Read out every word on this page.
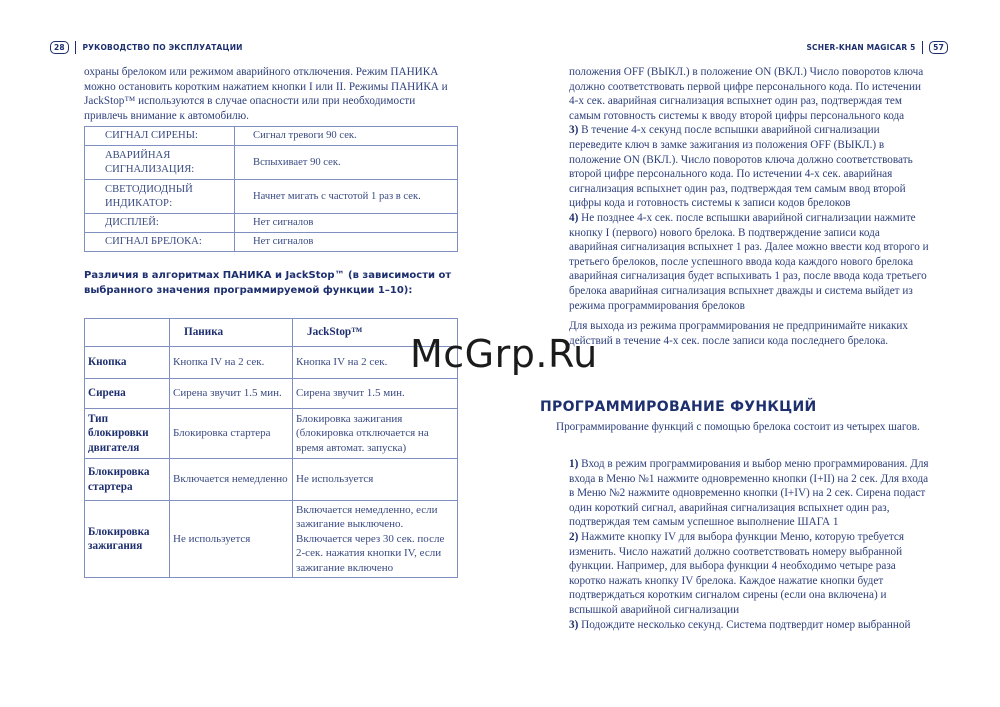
28	РУКОВОДСТВО ПО ЭКСПЛУАТАЦИИ	SCHER-KHAN MAGICAR 5	57

охраны брелоком или режимом аварийного отключения. Режим ПАНИКА можно остановить коротким нажатием кнопки I или II. Режимы ПАНИКА и JackStop™ используются в случае опасности или при необходимости привлечь внимание к автомобилю.

СИГНАЛ СИРЕНЫ:	Сигнал тревоги 90 сек.
АВАРИЙНАЯ СИГНАЛИЗАЦИЯ:	Вспыхивает 90 сек.
СВЕТОДИОДНЫЙ ИНДИКАТОР:	Начнет мигать с частотой 1 раз в сек.
ДИСПЛЕЙ:	Нет сигналов
СИГНАЛ БРЕЛОКА:	Нет сигналов
Различия в алгоритмах ПАНИКА и JackStop™ (в зависимости от выбранного значения программируемой функции 1–10):
	Паника	JackStop™
Кнопка	Кнопка IV на 2 сек.	Кнопка IV на 2 сек.
Сирена	Сирена звучит 1.5 мин.	Сирена звучит 1.5 мин.
Тип блокировки двигателя	Блокировка стартера	Блокировка зажигания (блокировка отключается на время автомат. запуска)
Блокировка стартера	Включается немедленно	Не используется
Блокировка зажигания	Не используется	Включается немедленно, если зажигание выключено. Включается через 30 сек. после 2-сек. нажатия кнопки IV, если зажигание включено

положения OFF (ВЫКЛ.) в положение ON (ВКЛ.) Число поворотов ключа должно соответствовать первой цифре персонального кода. По истечении 4-х сек. аварийная сигнализация вспыхнет один раз, подтверждая тем самым готовность системы к вводу второй цифры персонального кода

3) В течение 4-х секунд после вспышки аварийной сигнализации переведите ключ в замке зажигания из положения OFF (ВЫКЛ.) в положение ON (ВКЛ.). Число поворотов ключа должно соответствовать второй цифре персонального кода. По истечении 4-х сек. аварийная сигнализация вспыхнет один раз, подтверждая тем самым ввод второй цифры кода и готовность системы к записи кодов брелоков

4) Не позднее 4-х сек. после вспышки аварийной сигнализации нажмите кнопку I (первого) нового брелока. В подтверждение записи кода аварийная сигнализация вспыхнет 1 раз. Далее можно ввести код второго и третьего брелоков, после успешного ввода кода каждого нового брелока аварийная сигнализация будет вспыхивать 1 раз, после ввода кода третьего брелока аварийная сигнализация вспыхнет дважды и система выйдет из режима программирования брелоков

Для выхода из режима программирования не предпринимайте никаких действий в течение 4-х сек. после записи кода последнего брелока.

ПРОГРАММИРОВАНИЕ ФУНКЦИЙ

Программирование функций с помощью брелока состоит из четырех шагов.

1) Вход в режим программирования и выбор меню программирования. Для входа в Меню №1 нажмите одновременно кнопки (I+II) на 2 сек. Для входа в Меню №2 нажмите одновременно кнопки (I+IV) на 2 сек. Сирена подаст один короткий сигнал, аварийная сигнализация вспыхнет один раз, подтверждая тем самым успешное выполнение ШАГА 1

2) Нажмите кнопку IV для выбора функции Меню, которую требуется изменить. Число нажатий должно соответствовать номеру выбранной функции. Например, для выбора функции 4 необходимо четыре раза коротко нажать кнопку IV брелока. Каждое нажатие кнопки будет подтверждаться коротким сигналом сирены (если она включена) и вспышкой аварийной сигнализации

3) Подождите несколько секунд. Система подтвердит номер выбранной

McGrp.Ru
